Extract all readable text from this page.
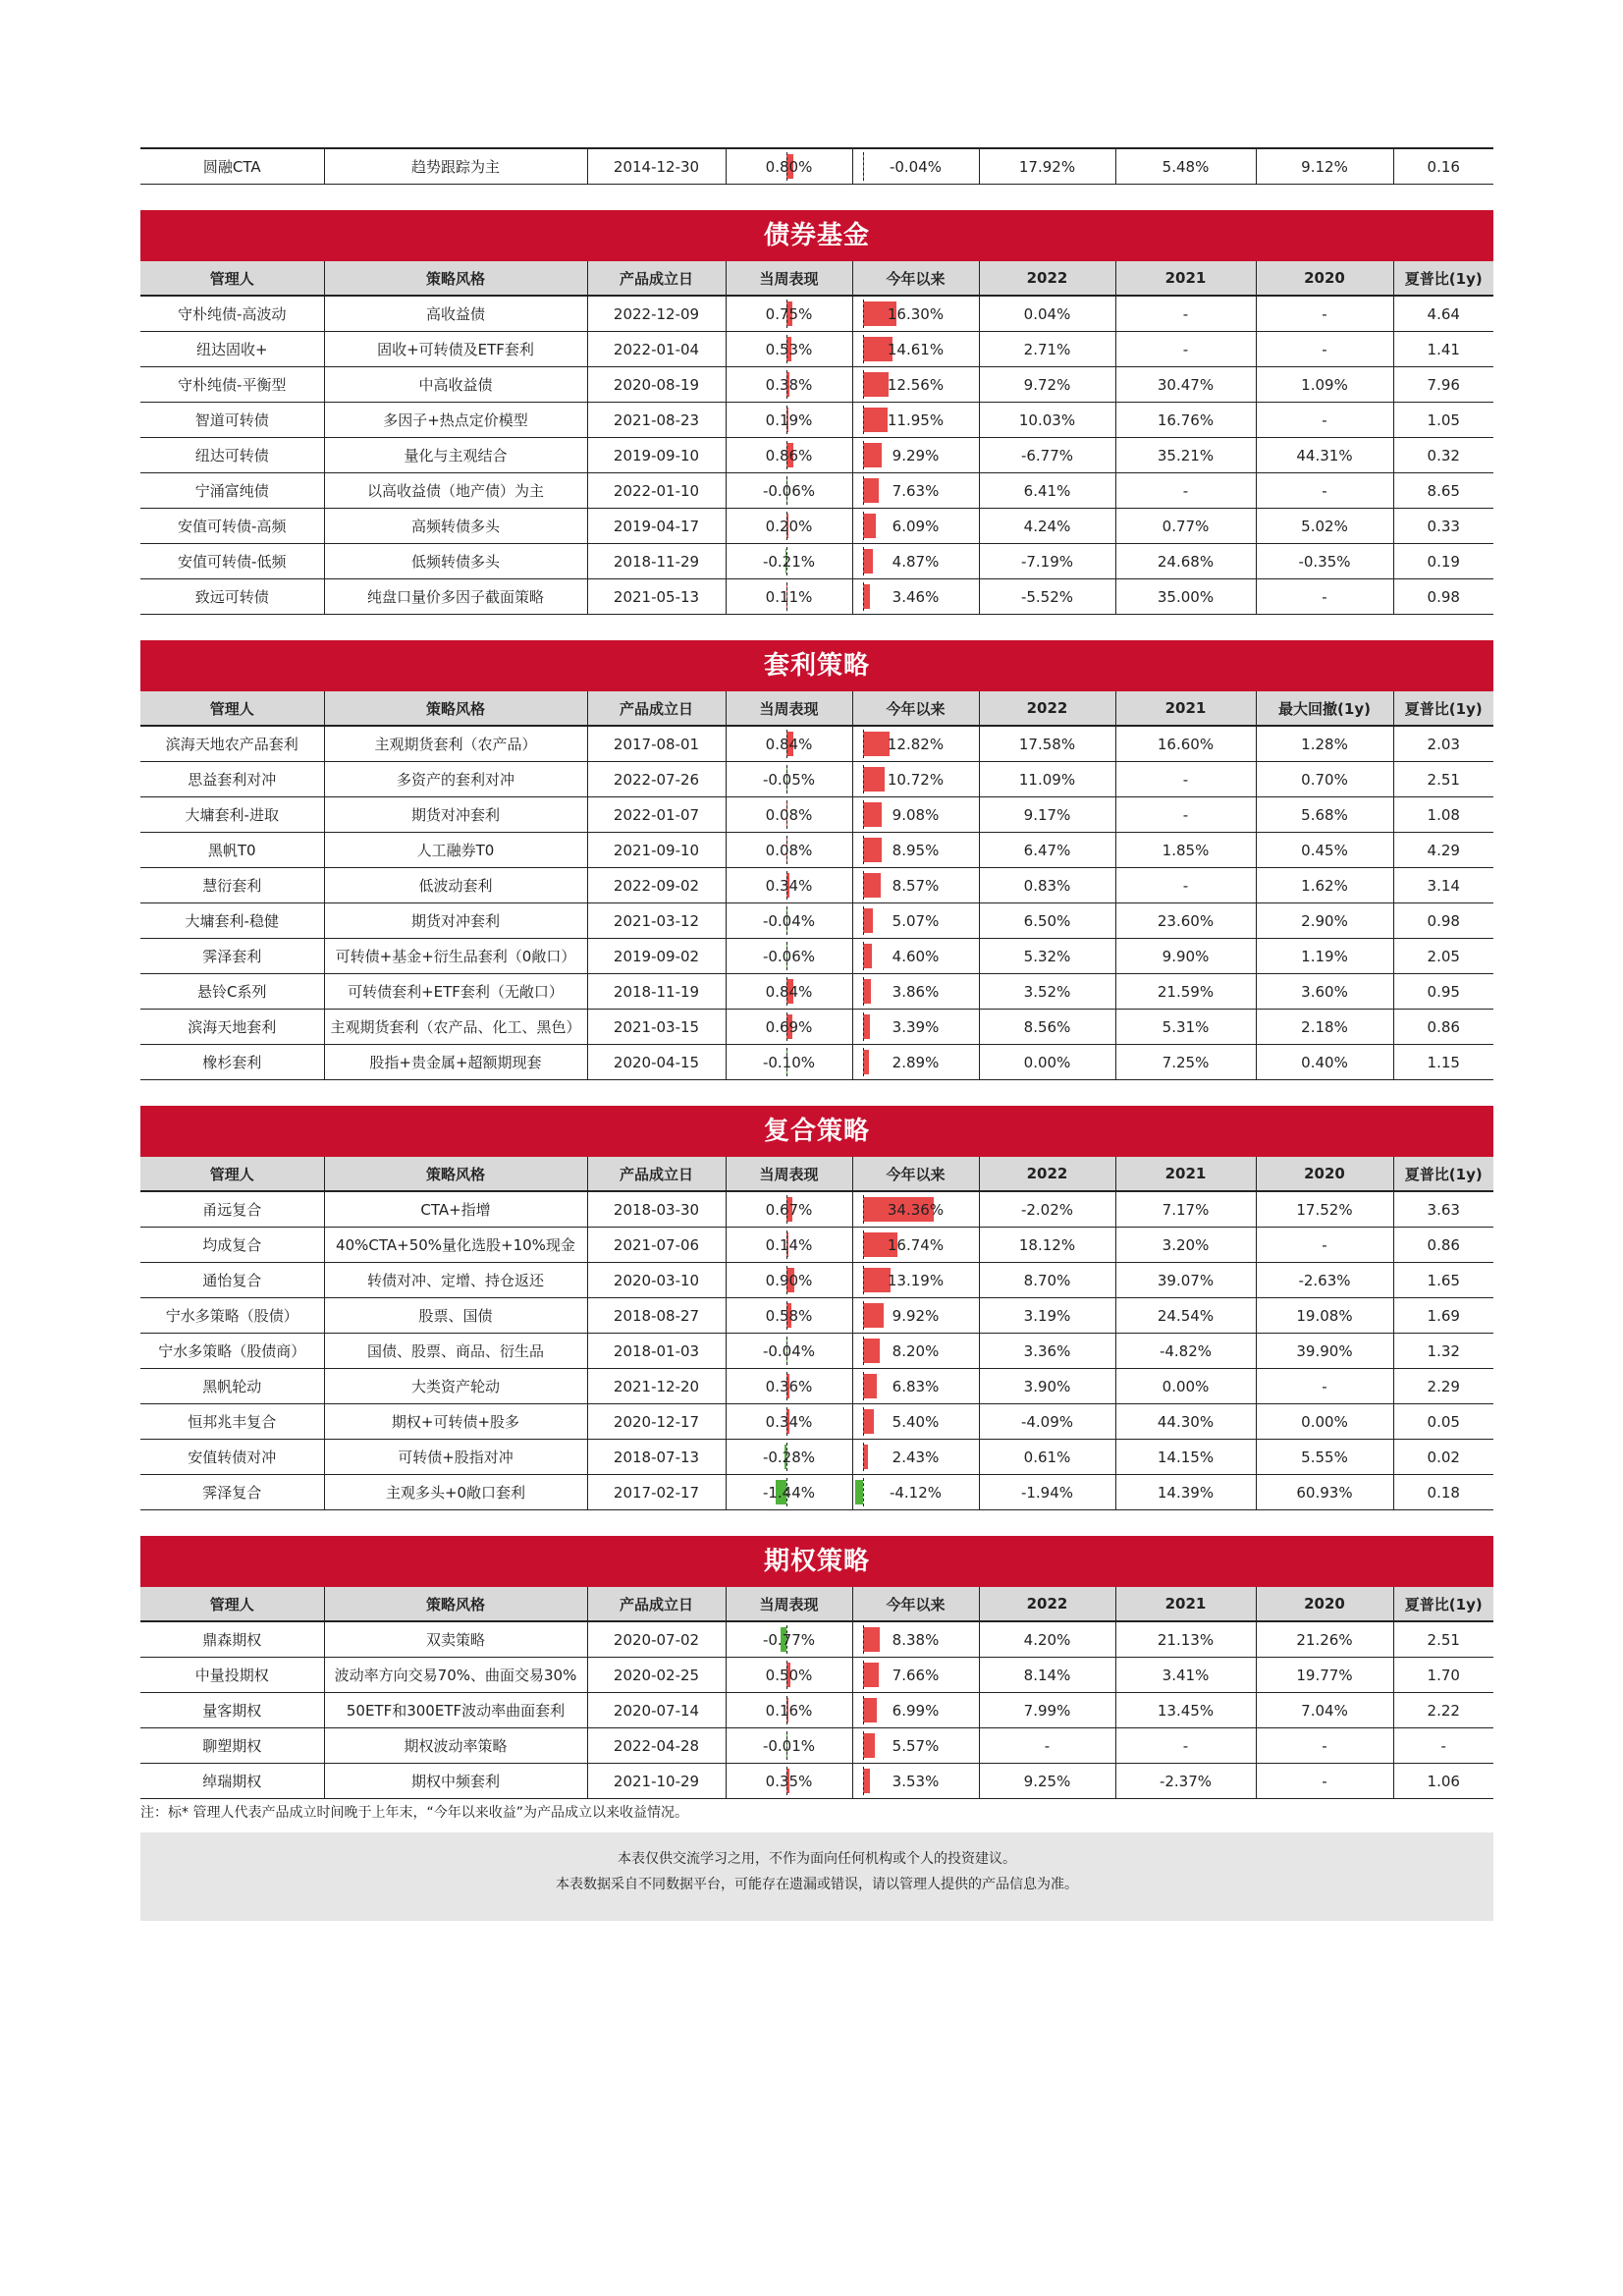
圆融CTA	趋势跟踪为主	2014-12-30	0.80%	-0.04%	17.92%	5.48%	9.12%	0.16
债券基金
管理人	策略风格	产品成立日	当周表现	今年以来	2022	2021	2020	夏普比(1y)
守朴纯债-高波动	高收益债	2022-12-09	0.75%	16.30%	0.04%	-	-	4.64
纽达固收+	固收+可转债及ETF套利	2022-01-04	0.53%	14.61%	2.71%	-	-	1.41
守朴纯债-平衡型	中高收益债	2020-08-19	0.38%	12.56%	9.72%	30.47%	1.09%	7.96
智道可转债	多因子+热点定价模型	2021-08-23	0.19%	11.95%	10.03%	16.76%	-	1.05
纽达可转债	量化与主观结合	2019-09-10	0.86%	9.29%	-6.77%	35.21%	44.31%	0.32
宁涌富纯债	以高收益债（地产债）为主	2022-01-10	-0.06%	7.63%	6.41%	-	-	8.65
安值可转债-高频	高频转债多头	2019-04-17	0.20%	6.09%	4.24%	0.77%	5.02%	0.33
安值可转债-低频	低频转债多头	2018-11-29	-0.21%	4.87%	-7.19%	24.68%	-0.35%	0.19
致远可转债	纯盘口量价多因子截面策略	2021-05-13	0.11%	3.46%	-5.52%	35.00%	-	0.98
套利策略
管理人	策略风格	产品成立日	当周表现	今年以来	2022	2021	最大回撤(1y)	夏普比(1y)
滨海天地农产品套利	主观期货套利（农产品）	2017-08-01	0.84%	12.82%	17.58%	16.60%	1.28%	2.03
思益套利对冲	多资产的套利对冲	2022-07-26	-0.05%	10.72%	11.09%	-	0.70%	2.51
大墉套利-进取	期货对冲套利	2022-01-07	0.08%	9.08%	9.17%	-	5.68%	1.08
黑帆T0	人工融券T0	2021-09-10	0.08%	8.95%	6.47%	1.85%	0.45%	4.29
慧衍套利	低波动套利	2022-09-02	0.34%	8.57%	0.83%	-	1.62%	3.14
大墉套利-稳健	期货对冲套利	2021-03-12	-0.04%	5.07%	6.50%	23.60%	2.90%	0.98
霁泽套利	可转债+基金+衍生品套利（0敞口）	2019-09-02	-0.06%	4.60%	5.32%	9.90%	1.19%	2.05
悬铃C系列	可转债套利+ETF套利（无敞口）	2018-11-19	0.84%	3.86%	3.52%	21.59%	3.60%	0.95
滨海天地套利	主观期货套利（农产品、化工、黑色）	2021-03-15	0.69%	3.39%	8.56%	5.31%	2.18%	0.86
橡杉套利	股指+贵金属+超额期现套	2020-04-15	-0.10%	2.89%	0.00%	7.25%	0.40%	1.15
复合策略
管理人	策略风格	产品成立日	当周表现	今年以来	2022	2021	2020	夏普比(1y)
甬远复合	CTA+指增	2018-03-30	0.67%	34.36%	-2.02%	7.17%	17.52%	3.63
均成复合	40%CTA+50%量化选股+10%现金	2021-07-06	0.14%	16.74%	18.12%	3.20%	-	0.86
通怡复合	转债对冲、定增、持仓返还	2020-03-10	0.90%	13.19%	8.70%	39.07%	-2.63%	1.65
宁水多策略（股债）	股票、国债	2018-08-27	0.58%	9.92%	3.19%	24.54%	19.08%	1.69
宁水多策略（股债商）	国债、股票、商品、衍生品	2018-01-03	-0.04%	8.20%	3.36%	-4.82%	39.90%	1.32
黑帆轮动	大类资产轮动	2021-12-20	0.36%	6.83%	3.90%	0.00%	-	2.29
恒邦兆丰复合	期权+可转债+股多	2020-12-17	0.34%	5.40%	-4.09%	44.30%	0.00%	0.05
安值转债对冲	可转债+股指对冲	2018-07-13	-0.28%	2.43%	0.61%	14.15%	5.55%	0.02
霁泽复合	主观多头+0敞口套利	2017-02-17	-1.44%	-4.12%	-1.94%	14.39%	60.93%	0.18
期权策略
管理人	策略风格	产品成立日	当周表现	今年以来	2022	2021	2020	夏普比(1y)
鼎森期权	双卖策略	2020-07-02	-0.77%	8.38%	4.20%	21.13%	21.26%	2.51
中量投期权	波动率方向交易70%、曲面交易30%	2020-02-25	0.50%	7.66%	8.14%	3.41%	19.77%	1.70
量客期权	50ETF和300ETF波动率曲面套利	2020-07-14	0.16%	6.99%	7.99%	13.45%	7.04%	2.22
聊塑期权	期权波动率策略	2022-04-28	-0.01%	5.57%	-	-	-	-
绰瑞期权	期权中频套利	2021-10-29	0.35%	3.53%	9.25%	-2.37%	-	1.06
注：标* 管理人代表产品成立时间晚于上年末，“今年以来收益”为产品成立以来收益情况。
本表仅供交流学习之用，不作为面向任何机构或个人的投资建议。
本表数据采自不同数据平台，可能存在遗漏或错误，请以管理人提供的产品信息为准。
